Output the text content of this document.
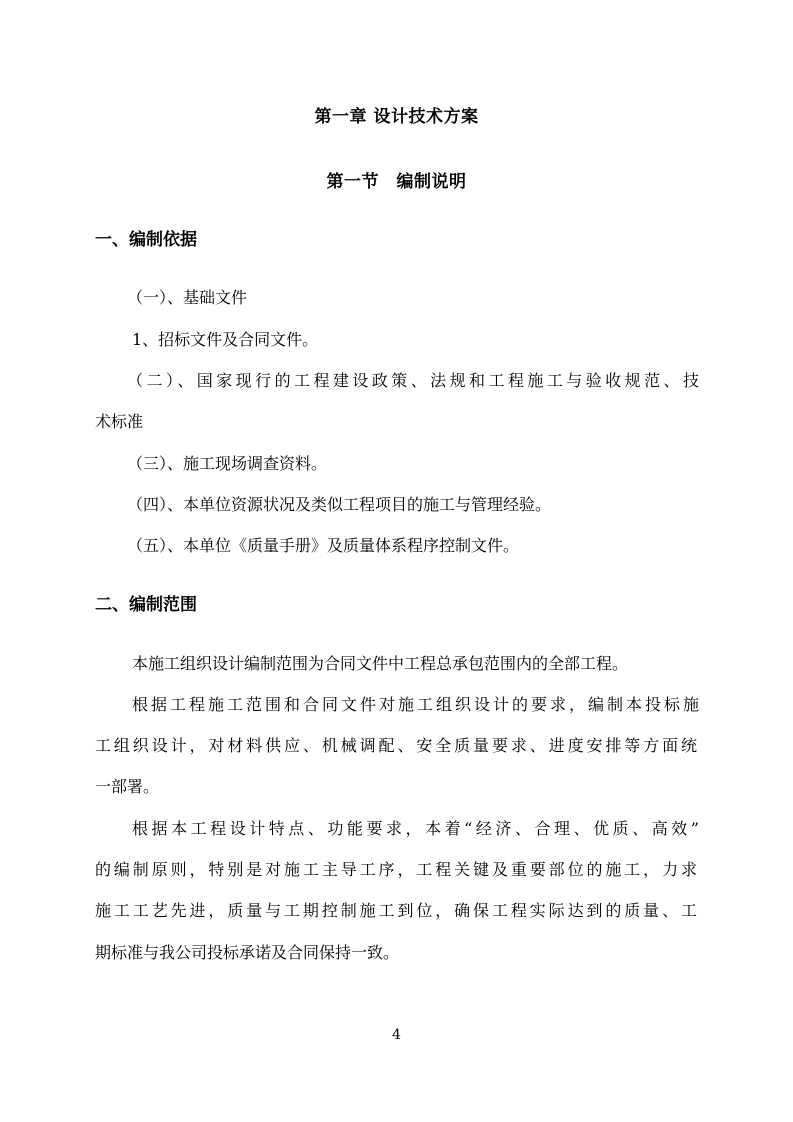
第一章 设计技术方案
第一节　编制说明
一、编制依据
（一）、基础文件
1、招标文件及合同文件。
（二）、国家现行的工程建设政策、法规和工程施工与验收规范、技
术标准
（三）、施工现场调查资料。
（四）、本单位资源状况及类似工程项目的施工与管理经验。
（五）、本单位《质量手册》及质量体系程序控制文件。
二、编制范围
本施工组织设计编制范围为合同文件中工程总承包范围内的全部工程。
根据工程施工范围和合同文件对施工组织设计的要求，编制本投标施
工组织设计，对材料供应、机械调配、安全质量要求、进度安排等方面统
一部署。
根据本工程设计特点、功能要求，本着“经济、合理、优质、高效”
的编制原则，特别是对施工主导工序，工程关键及重要部位的施工，力求
施工工艺先进，质量与工期控制施工到位，确保工程实际达到的质量、工
期标准与我公司投标承诺及合同保持一致。
4
